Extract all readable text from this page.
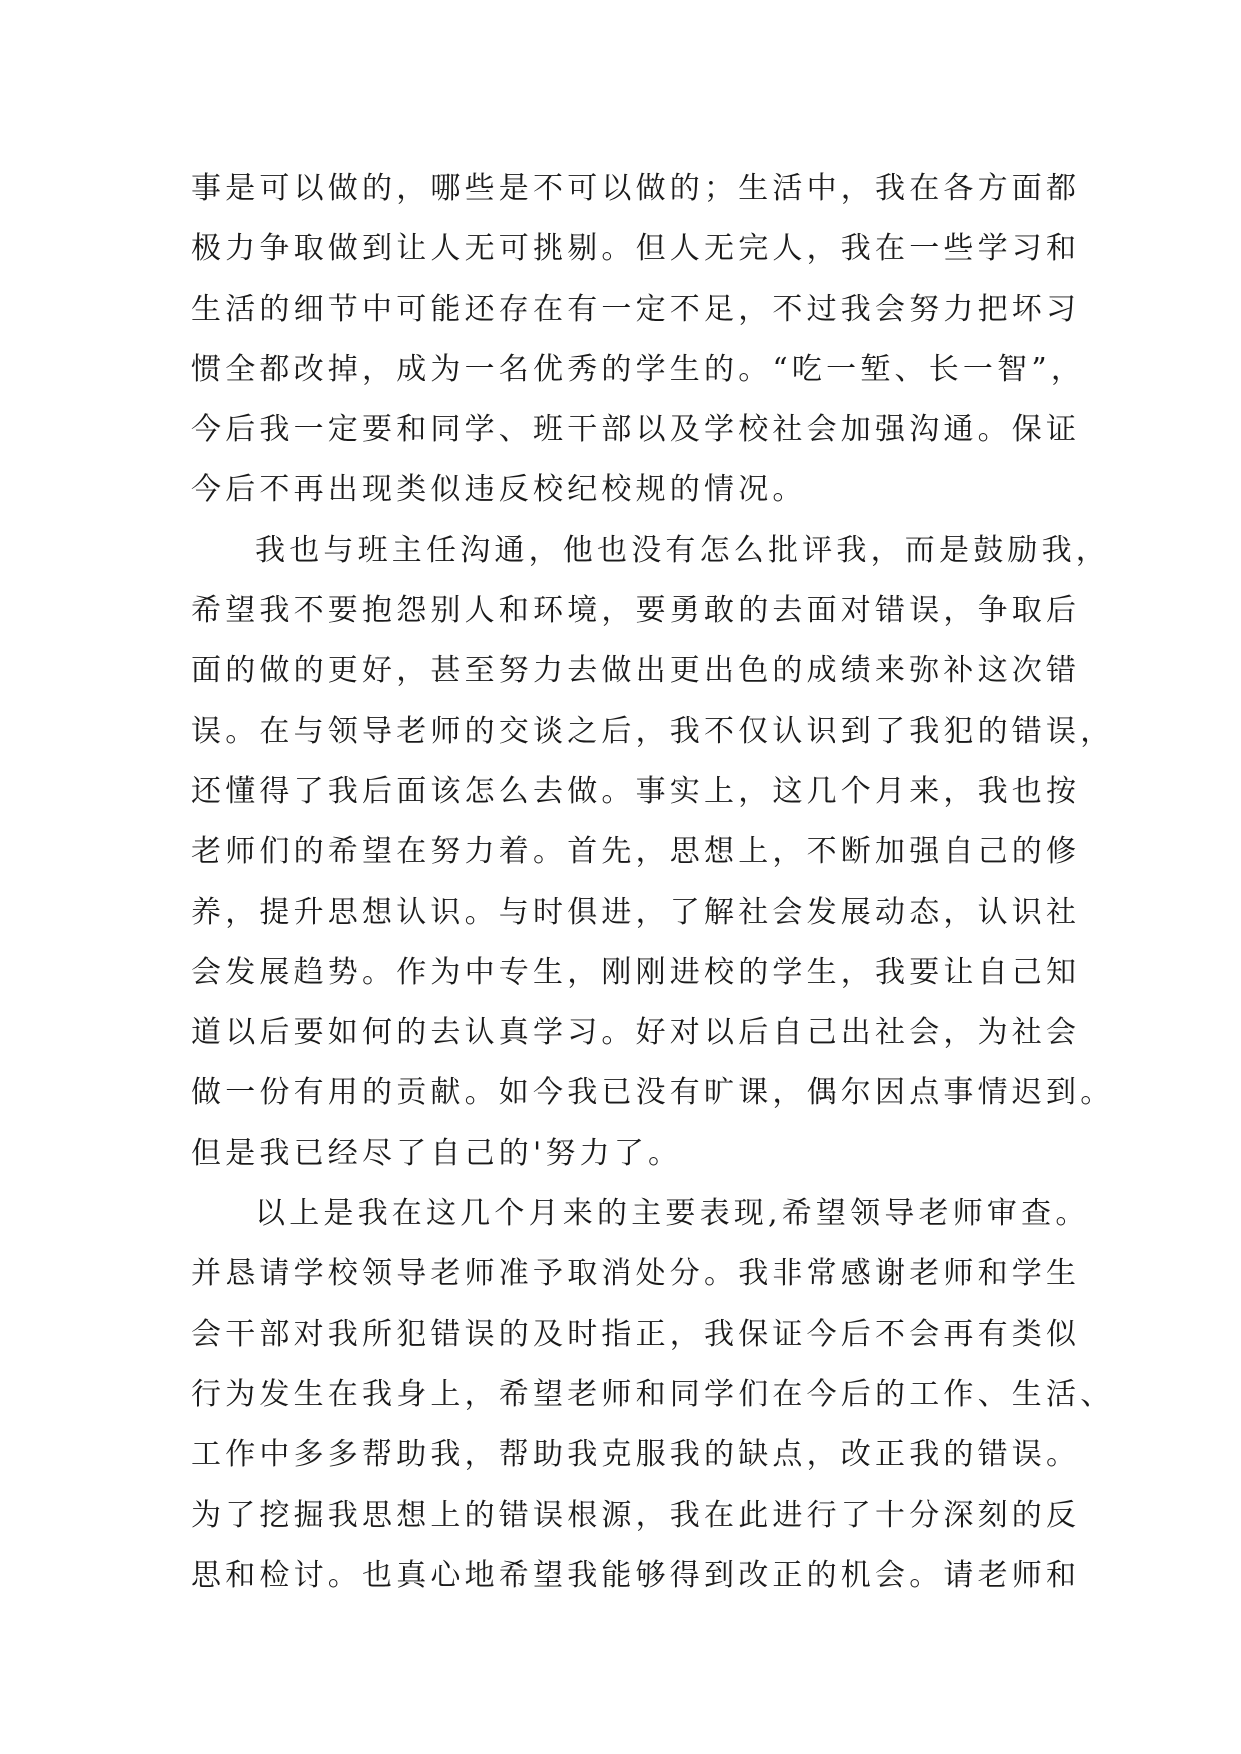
事是可以做的，哪些是不可以做的；生活中，我在各方面都
极力争取做到让人无可挑剔。但人无完人，我在一些学习和
生活的细节中可能还存在有一定不足，不过我会努力把坏习
惯全都改掉，成为一名优秀的学生的。“吃一堑、长一智”，
今后我一定要和同学、班干部以及学校社会加强沟通。保证
今后不再出现类似违反校纪校规的情况。
我也与班主任沟通，他也没有怎么批评我，而是鼓励我，
希望我不要抱怨别人和环境，要勇敢的去面对错误，争取后
面的做的更好，甚至努力去做出更出色的成绩来弥补这次错
误。在与领导老师的交谈之后，我不仅认识到了我犯的错误，
还懂得了我后面该怎么去做。事实上，这几个月来，我也按
老师们的希望在努力着。首先，思想上，不断加强自己的修
养，提升思想认识。与时俱进，了解社会发展动态，认识社
会发展趋势。作为中专生，刚刚进校的学生，我要让自己知
道以后要如何的去认真学习。好对以后自己出社会，为社会
做一份有用的贡献。如今我已没有旷课，偶尔因点事情迟到。
但是我已经尽了自己的'努力了。
以上是我在这几个月来的主要表现,希望领导老师审查。
并恳请学校领导老师准予取消处分。我非常感谢老师和学生
会干部对我所犯错误的及时指正，我保证今后不会再有类似
行为发生在我身上，希望老师和同学们在今后的工作、生活、
工作中多多帮助我，帮助我克服我的缺点，改正我的错误。
为了挖掘我思想上的错误根源，我在此进行了十分深刻的反
思和检讨。也真心地希望我能够得到改正的机会。请老师和
